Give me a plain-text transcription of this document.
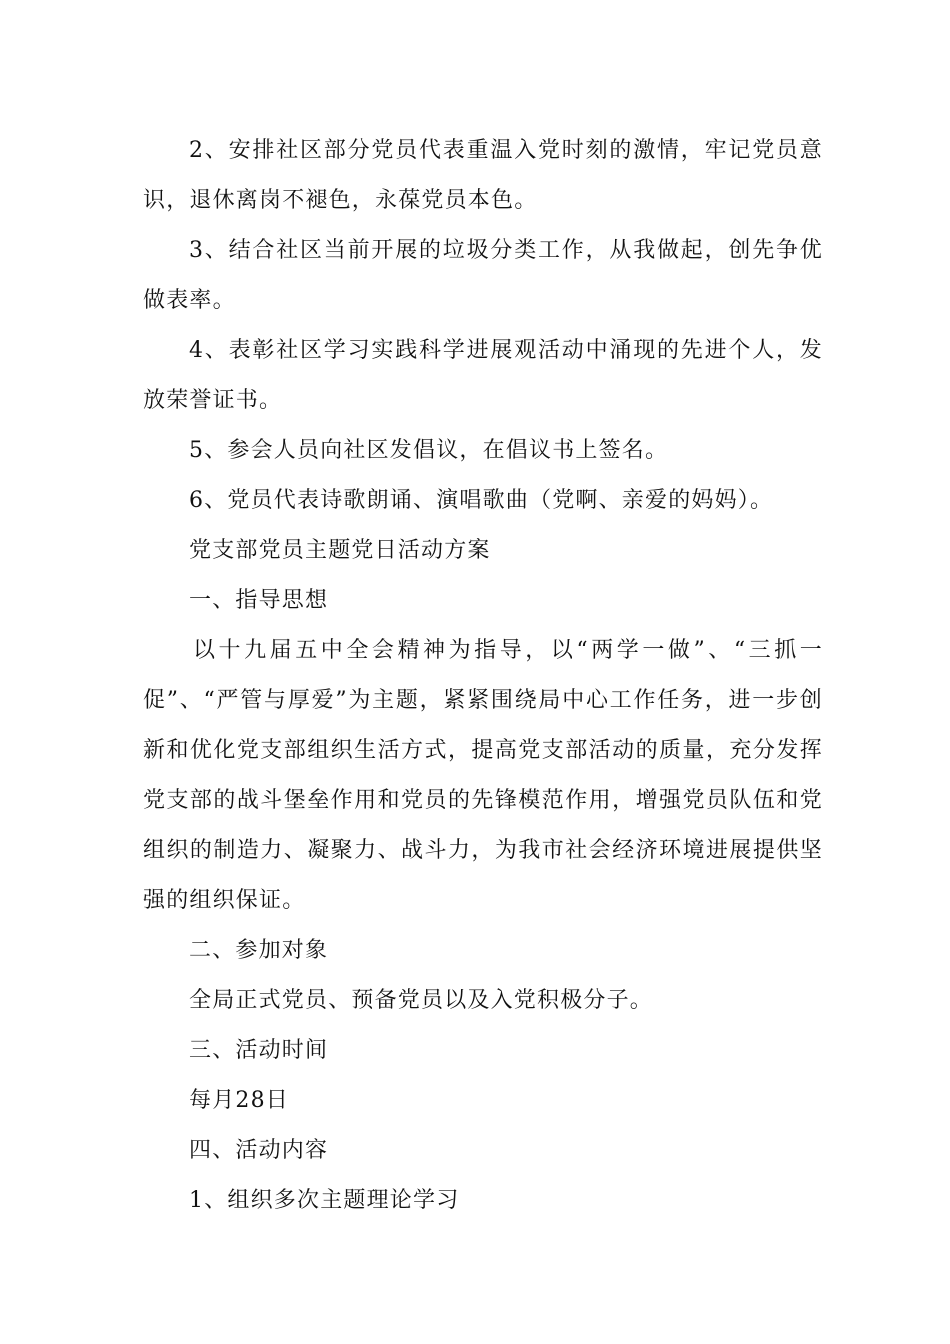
2、安排社区部分党员代表重温入党时刻的激情，牢记党员意识，退休离岗不褪色，永葆党员本色。

3、结合社区当前开展的垃圾分类工作，从我做起，创先争优做表率。

4、表彰社区学习实践科学进展观活动中涌现的先进个人，发放荣誉证书。

5、参会人员向社区发倡议，在倡议书上签名。

6、党员代表诗歌朗诵、演唱歌曲（党啊、亲爱的妈妈）。

党支部党员主题党日活动方案

一、指导思想

以十九届五中全会精神为指导，以“两学一做”、“三抓一促”、“严管与厚爱”为主题，紧紧围绕局中心工作任务，进一步创新和优化党支部组织生活方式，提高党支部活动的质量，充分发挥党支部的战斗堡垒作用和党员的先锋模范作用，增强党员队伍和党组织的制造力、凝聚力、战斗力，为我市社会经济环境进展提供坚强的组织保证。

二、参加对象

全局正式党员、预备党员以及入党积极分子。

三、活动时间

每月28日

四、活动内容

1、组织多次主题理论学习
